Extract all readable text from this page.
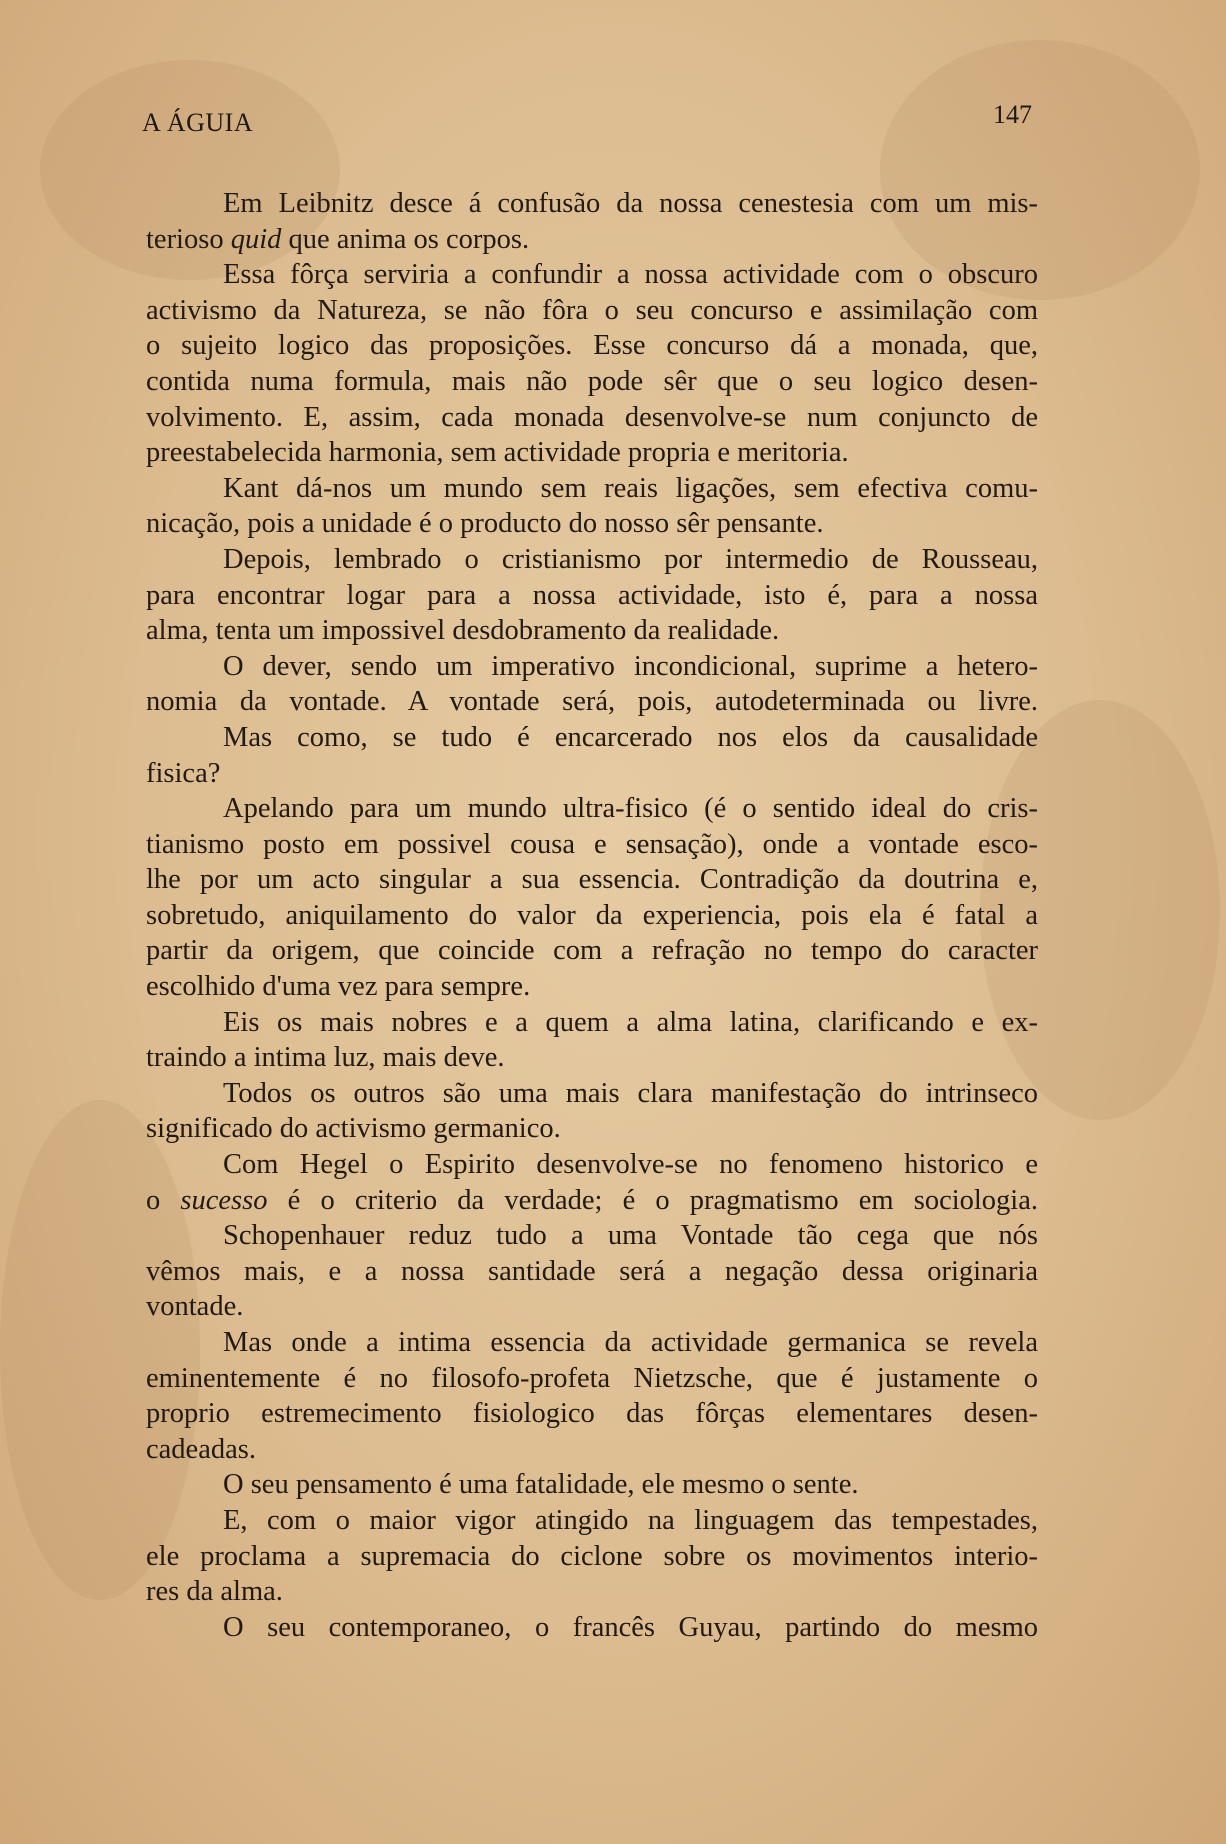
A ÁGUIA	147
Em Leibnitz desce á confusão da nossa cenestesia com um mis-
terioso quid que anima os corpos.
Essa fôrça serviria a confundir a nossa actividade com o obscuro
activismo da Natureza, se não fôra o seu concurso e assimilação com
o sujeito logico das proposições. Esse concurso dá a monada, que,
contida numa formula, mais não pode sêr que o seu logico desen-
volvimento. E, assim, cada monada desenvolve-se num conjuncto de
preestabelecida harmonia, sem actividade propria e meritoria.
Kant dá-nos um mundo sem reais ligações, sem efectiva comu-
nicação, pois a unidade é o producto do nosso sêr pensante.
Depois, lembrado o cristianismo por intermedio de Rousseau,
para encontrar logar para a nossa actividade, isto é, para a nossa
alma, tenta um impossivel desdobramento da realidade.
O dever, sendo um imperativo incondicional, suprime a hetero-
nomia da vontade. A vontade será, pois, autodeterminada ou livre.
Mas como, se tudo é encarcerado nos elos da causalidade
fisica?
Apelando para um mundo ultra-fisico (é o sentido ideal do cris-
tianismo posto em possivel cousa e sensação), onde a vontade esco-
lhe por um acto singular a sua essencia. Contradição da doutrina e,
sobretudo, aniquilamento do valor da experiencia, pois ela é fatal a
partir da origem, que coincide com a refração no tempo do caracter
escolhido d'uma vez para sempre.
Eis os mais nobres e a quem a alma latina, clarificando e ex-
traindo a intima luz, mais deve.
Todos os outros são uma mais clara manifestação do intrinseco
significado do activismo germanico.
Com Hegel o Espirito desenvolve-se no fenomeno historico e
o sucesso é o criterio da verdade; é o pragmatismo em sociologia.
Schopenhauer reduz tudo a uma Vontade tão cega que nós
vêmos mais, e a nossa santidade será a negação dessa originaria
vontade.
Mas onde a intima essencia da actividade germanica se revela
eminentemente é no filosofo-profeta Nietzsche, que é justamente o
proprio estremecimento fisiologico das fôrças elementares desen-
cadeadas.
O seu pensamento é uma fatalidade, ele mesmo o sente.
E, com o maior vigor atingido na linguagem das tempestades,
ele proclama a supremacia do ciclone sobre os movimentos interio-
res da alma.
O seu contemporaneo, o francês Guyau, partindo do mesmo
